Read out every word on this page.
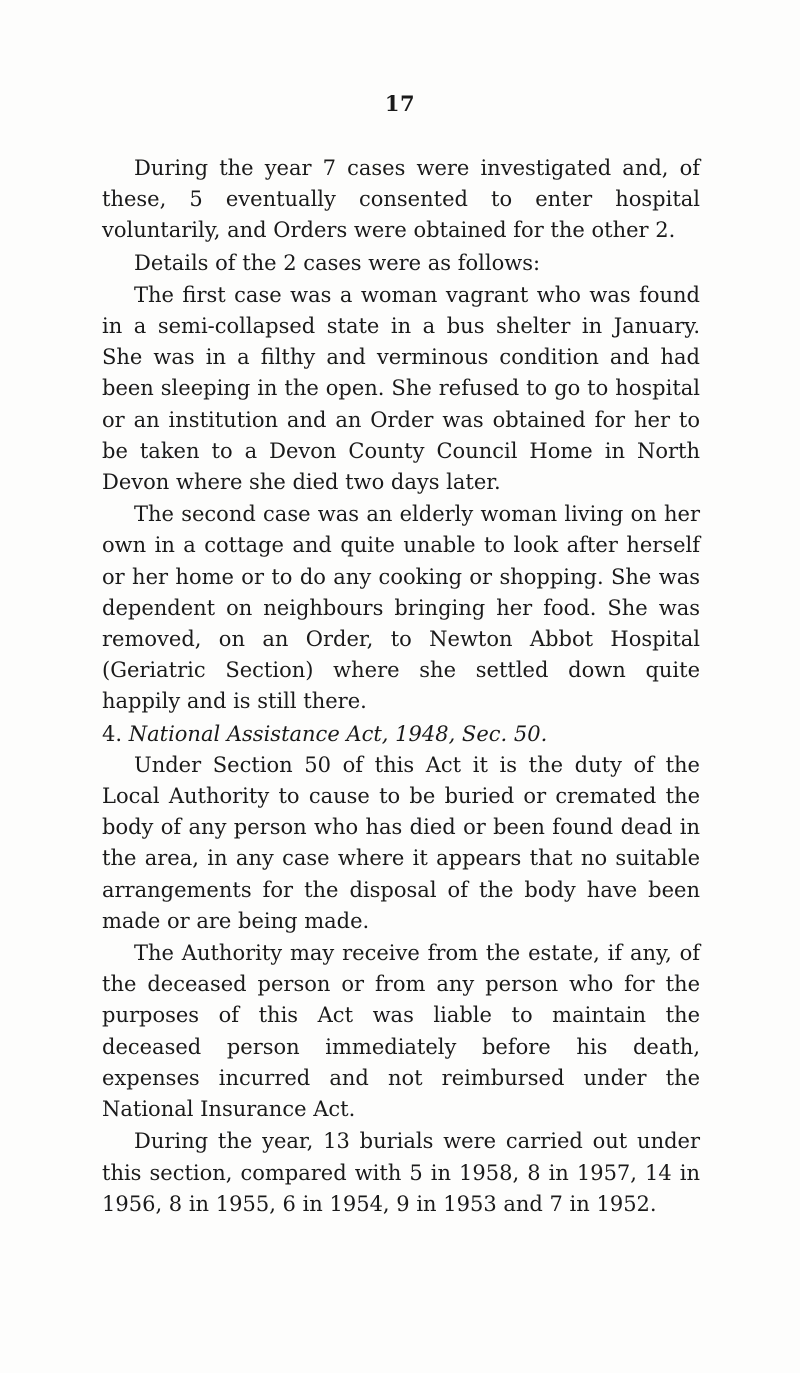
17

During the year 7 cases were investigated and, of these, 5 eventually consented to enter hospital voluntarily, and Orders were obtained for the other 2.

Details of the 2 cases were as follows:

The first case was a woman vagrant who was found in a semi-collapsed state in a bus shelter in January. She was in a filthy and verminous condition and had been sleeping in the open. She refused to go to hospital or an institution and an Order was obtained for her to be taken to a Devon County Council Home in North Devon where she died two days later.

The second case was an elderly woman living on her own in a cottage and quite unable to look after herself or her home or to do any cooking or shopping. She was dependent on neighbours bringing her food. She was removed, on an Order, to Newton Abbot Hospital (Geriatric Section) where she settled down quite happily and is still there.

4. National Assistance Act, 1948, Sec. 50.

Under Section 50 of this Act it is the duty of the Local Authority to cause to be buried or cremated the body of any person who has died or been found dead in the area, in any case where it appears that no suitable arrangements for the disposal of the body have been made or are being made.

The Authority may receive from the estate, if any, of the deceased person or from any person who for the purposes of this Act was liable to maintain the deceased person immediately before his death, expenses incurred and not reimbursed under the National Insurance Act.

During the year, 13 burials were carried out under this section, compared with 5 in 1958, 8 in 1957, 14 in 1956, 8 in 1955, 6 in 1954, 9 in 1953 and 7 in 1952.
